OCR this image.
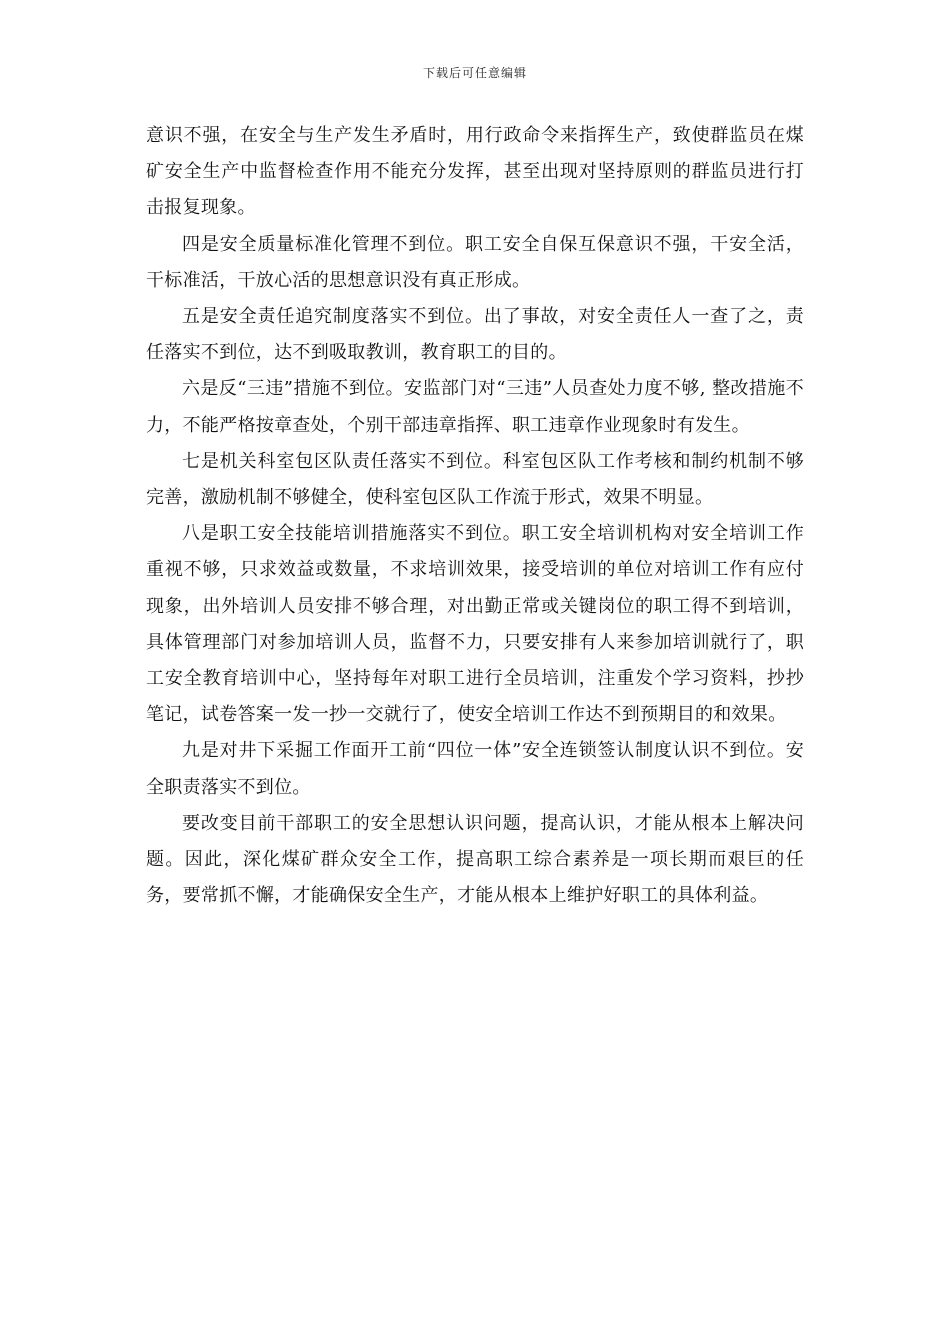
下载后可任意编辑

意识不强，在安全与生产发生矛盾时，用行政命令来指挥生产，致使群监员在煤矿安全生产中监督检查作用不能充分发挥，甚至出现对坚持原则的群监员进行打击报复现象。

四是安全质量标准化管理不到位。职工安全自保互保意识不强，干安全活，干标准活，干放心活的思想意识没有真正形成。

五是安全责任追究制度落实不到位。出了事故，对安全责任人一查了之，责任落实不到位，达不到吸取教训，教育职工的目的。

六是反“三违”措施不到位。安监部门对“三违”人员查处力度不够, 整改措施不力，不能严格按章查处，个别干部违章指挥、职工违章作业现象时有发生。

七是机关科室包区队责任落实不到位。科室包区队工作考核和制约机制不够完善，激励机制不够健全，使科室包区队工作流于形式，效果不明显。

八是职工安全技能培训措施落实不到位。职工安全培训机构对安全培训工作重视不够，只求效益或数量，不求培训效果，接受培训的单位对培训工作有应付现象，出外培训人员安排不够合理，对出勤正常或关键岗位的职工得不到培训，具体管理部门对参加培训人员，监督不力，只要安排有人来参加培训就行了，职工安全教育培训中心，坚持每年对职工进行全员培训，注重发个学习资料，抄抄笔记，试卷答案一发一抄一交就行了，使安全培训工作达不到预期目的和效果。

九是对井下采掘工作面开工前“四位一体”安全连锁签认制度认识不到位。安全职责落实不到位。

要改变目前干部职工的安全思想认识问题，提高认识，才能从根本上解决问题。因此，深化煤矿群众安全工作，提高职工综合素养是一项长期而艰巨的任务，要常抓不懈，才能确保安全生产，才能从根本上维护好职工的具体利益。
